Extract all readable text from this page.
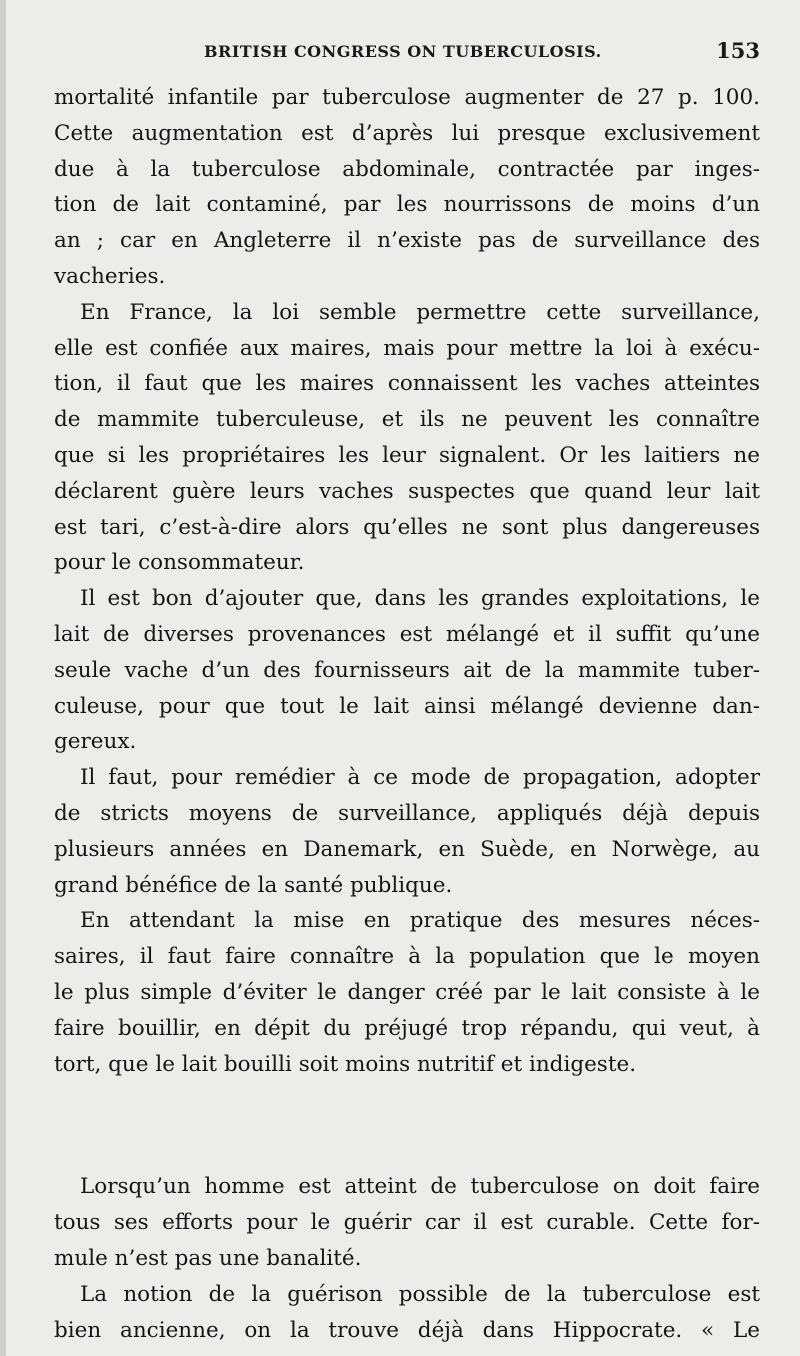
BRITISH CONGRESS ON TUBERCULOSIS.	153
mortalité infantile par tuberculose augmenter de 27 p. 100.
Cette augmentation est d’après lui presque exclusivement
due à la tuberculose abdominale, contractée par inges-
tion de lait contaminé, par les nourrissons de moins d’un
an ; car en Angleterre il n’existe pas de surveillance des
vacheries.
En France, la loi semble permettre cette surveillance,
elle est confiée aux maires, mais pour mettre la loi à exécu-
tion, il faut que les maires connaissent les vaches atteintes
de mammite tuberculeuse, et ils ne peuvent les connaître
que si les propriétaires les leur signalent. Or les laitiers ne
déclarent guère leurs vaches suspectes que quand leur lait
est tari, c’est-à-dire alors qu’elles ne sont plus dangereuses
pour le consommateur.
Il est bon d’ajouter que, dans les grandes exploitations, le
lait de diverses provenances est mélangé et il suffit qu’une
seule vache d’un des fournisseurs ait de la mammite tuber-
culeuse, pour que tout le lait ainsi mélangé devienne dan-
gereux.
Il faut, pour remédier à ce mode de propagation, adopter
de stricts moyens de surveillance, appliqués déjà depuis
plusieurs années en Danemark, en Suède, en Norwège, au
grand bénéfice de la santé publique.
En attendant la mise en pratique des mesures néces-
saires, il faut faire connaître à la population que le moyen
le plus simple d’éviter le danger créé par le lait consiste à le
faire bouillir, en dépit du préjugé trop répandu, qui veut, à
tort, que le lait bouilli soit moins nutritif et indigeste.
Lorsqu’un homme est atteint de tuberculose on doit faire
tous ses efforts pour le guérir car il est curable. Cette for-
mule n’est pas une banalité.
La notion de la guérison possible de la tuberculose est
bien ancienne, on la trouve déjà dans Hippocrate. « Le
